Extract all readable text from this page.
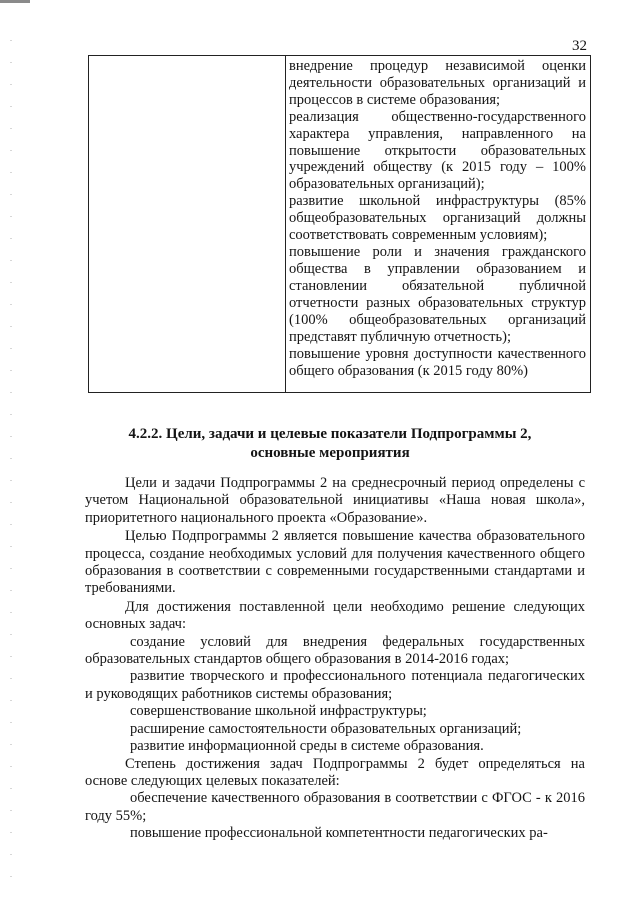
32

внедрение процедур независимой оценки деятельности образовательных организаций и процессов в системе образования;

реализация общественно-государственного характера управления, направленного на повышение открытости образовательных учреждений обществу (к 2015 году – 100% образовательных организаций);

развитие школьной инфраструктуры (85% общеобразовательных организаций должны соответствовать современным условиям);

повышение роли и значения гражданского общества в управлении образованием и становлении обязательной публичной отчетности разных образовательных структур (100% общеобразовательных организаций представят публичную отчетность);

повышение уровня доступности качественного общего образования (к 2015 году 80%)

4.2.2. Цели, задачи и целевые показатели Подпрограммы 2,
основные мероприятия

Цели и задачи Подпрограммы 2 на среднесрочный период определены с учетом Национальной образовательной инициативы «Наша новая школа», приоритетного национального проекта «Образование».

Целью Подпрограммы 2 является повышение качества образовательного процесса, создание необходимых условий для получения качественного общего образования в соответствии с современными государственными стандартами и требованиями.

Для достижения поставленной цели необходимо решение следующих основных задач:

создание условий для внедрения федеральных государственных образовательных стандартов общего образования в 2014-2016 годах;

развитие творческого и профессионального потенциала педагогических и руководящих работников системы образования;

совершенствование школьной инфраструктуры;

расширение самостоятельности образовательных организаций;

развитие информационной среды в системе образования.

Степень достижения задач Подпрограммы 2 будет определяться на основе следующих целевых показателей:

обеспечение качественного образования в соответствии с ФГОС - к 2016 году 55%;

повышение профессиональной компетентности педагогических ра-
